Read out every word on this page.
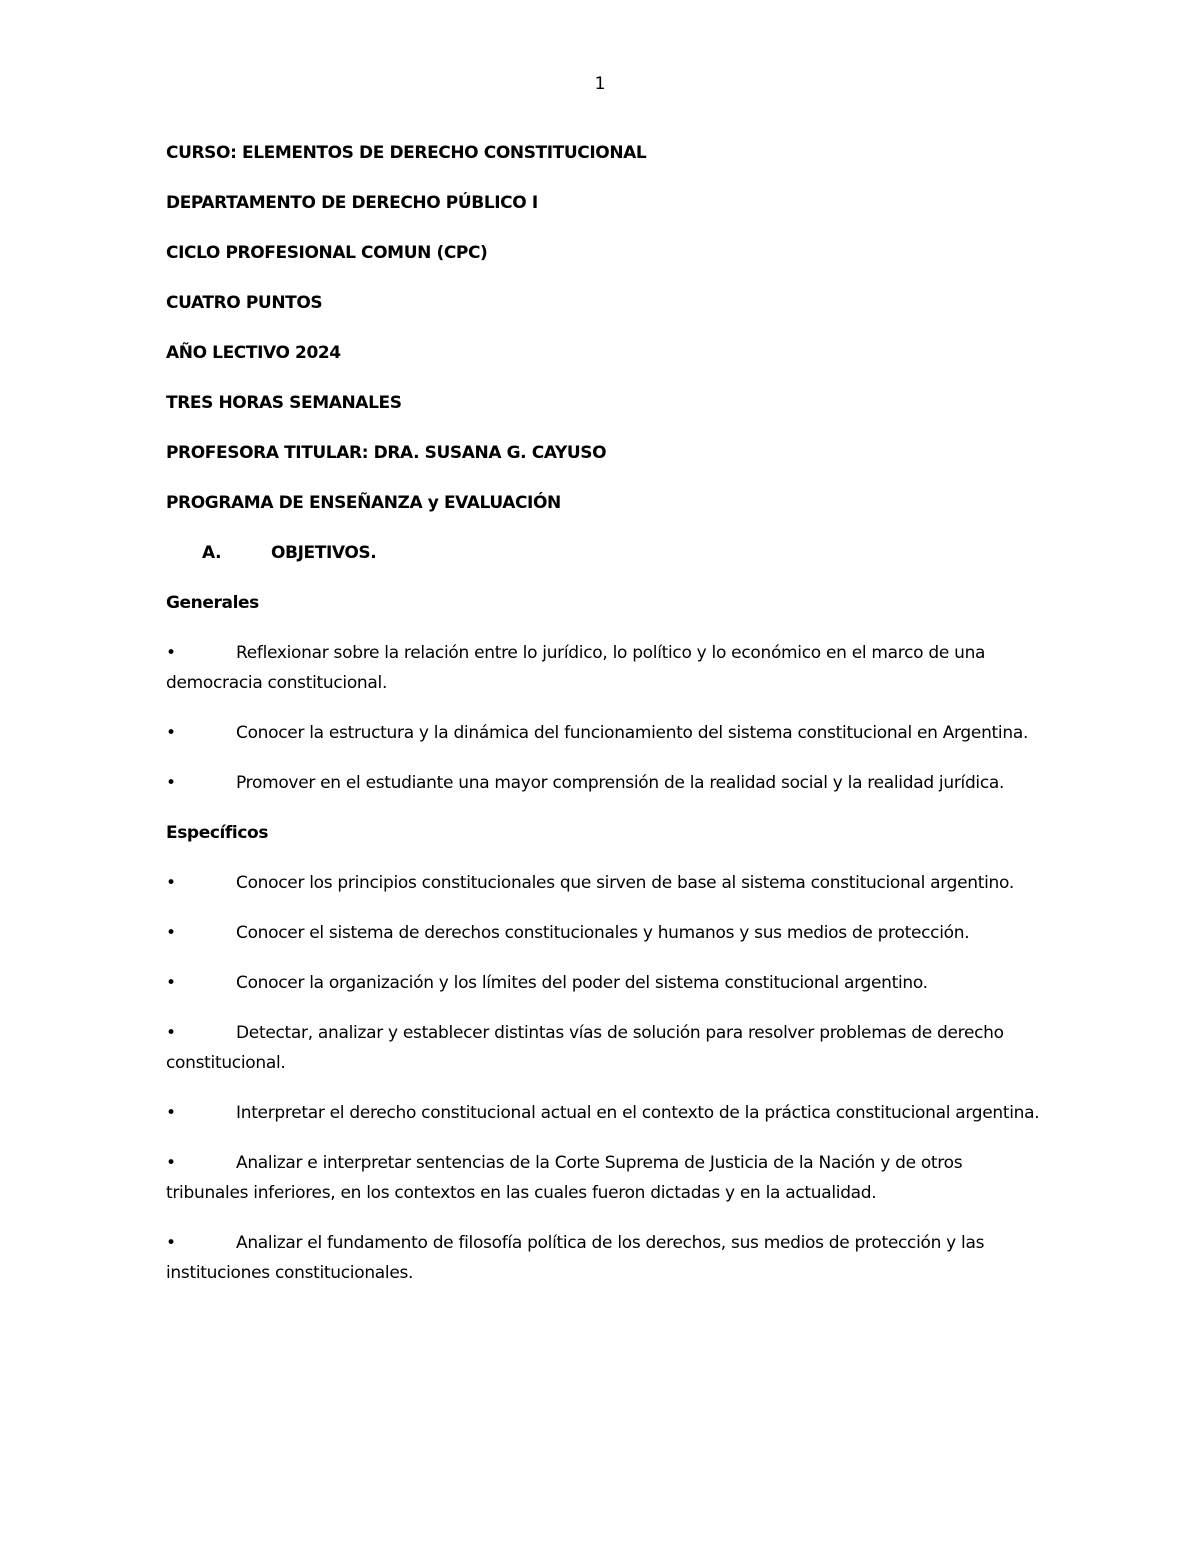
1
CURSO: ELEMENTOS DE DERECHO CONSTITUCIONAL
DEPARTAMENTO DE DERECHO PÚBLICO I
CICLO PROFESIONAL COMUN (CPC)
CUATRO PUNTOS
AÑO LECTIVO 2024
TRES HORAS SEMANALES
PROFESORA TITULAR: DRA. SUSANA G. CAYUSO
PROGRAMA DE ENSEÑANZA y EVALUACIÓN
A.	OBJETIVOS.
Generales
•	Reflexionar sobre la relación entre lo jurídico, lo político y lo económico en el marco de una democracia constitucional.
•	Conocer la estructura y la dinámica del funcionamiento del sistema constitucional en Argentina.
•	Promover en el estudiante una mayor comprensión de la realidad social y la realidad jurídica.
Específicos
•	Conocer los principios constitucionales que sirven de base al sistema constitucional argentino.
•	Conocer el sistema de derechos constitucionales y humanos y sus medios de protección.
•	Conocer la organización y los límites del poder del sistema constitucional argentino.
•	Detectar, analizar y establecer distintas vías de solución para resolver problemas de derecho constitucional.
•	Interpretar el derecho constitucional actual en el contexto de la práctica constitucional argentina.
•	Analizar e interpretar sentencias de la Corte Suprema de Justicia de la Nación y de otros tribunales inferiores, en los contextos en las cuales fueron dictadas y en la actualidad.
•	Analizar el fundamento de filosofía política de los derechos, sus medios de protección y las instituciones constitucionales.
